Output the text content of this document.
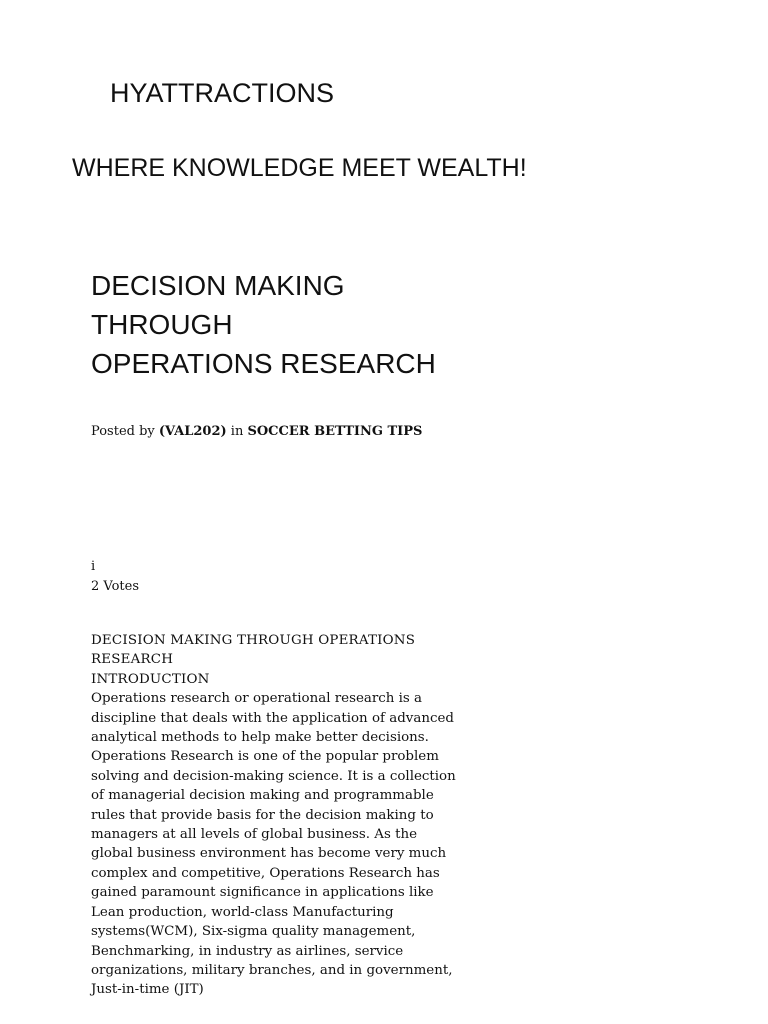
HYATTRACTIONS
WHERE KNOWLEDGE MEET WEALTH!
DECISION MAKING
THROUGH
OPERATIONS RESEARCH
Posted by (VAL202) in SOCCER BETTING TIPS
i
2 Votes
DECISION MAKING THROUGH OPERATIONS
RESEARCH
INTRODUCTION

Operations research or operational research is a discipline that deals with the application of advanced analytical methods to help make better decisions. Operations Research is one of the popular problem solving and decision-making science. It is a collection of managerial decision making and programmable rules that provide basis for the decision making to managers at all levels of global business. As the global business environment has become very much complex and competitive, Operations Research has gained paramount significance in applications like Lean production, world-class Manufacturing systems(WCM), Six-sigma quality management, Benchmarking, in industry as airlines, service organizations, military branches, and in government, Just-in-time (JIT)
